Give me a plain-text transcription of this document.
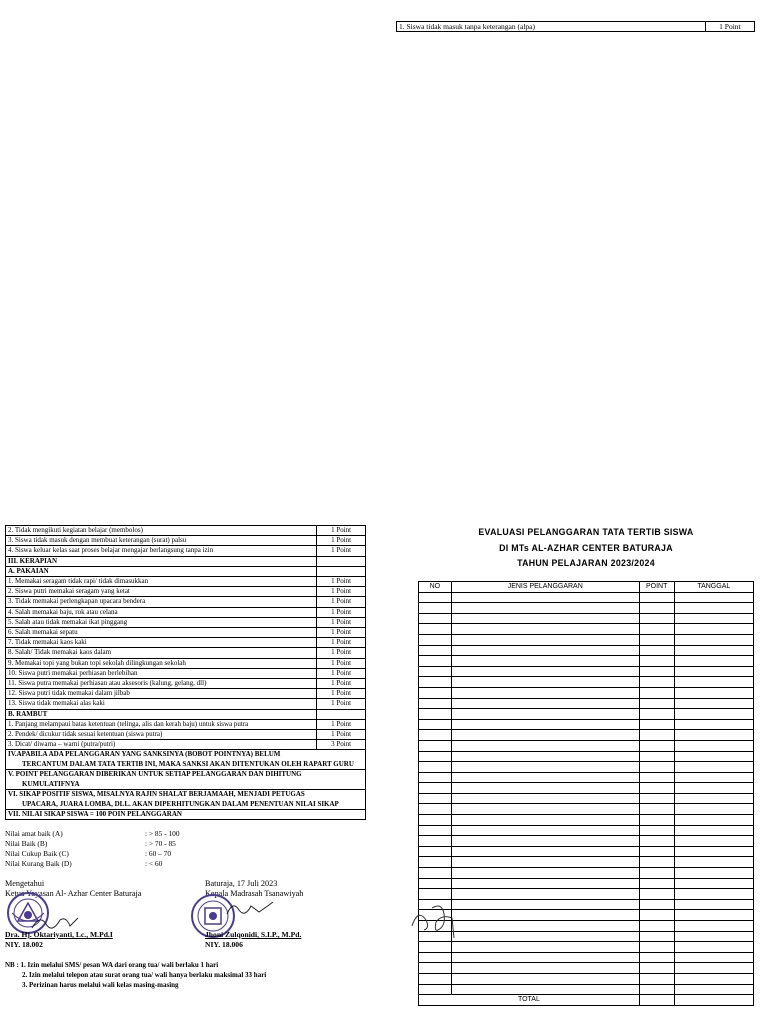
1. Siswa tidak masuk tanpa keterangan (alpa)	1 Point
2. Tidak mengikuti kegiatan belajar (membolos)	1 Point
3. Siswa tidak masuk dengan membuat keterangan (surat) palsu	1 Point
4. Siswa keluar kelas saat proses belajar mengajar berlangsung tanpa izin	1 Point
III. KERAPIAN	
A. PAKAIAN	
1. Memakai seragam tidak rapi/ tidak dimasukkan	1 Point
2. Siswa putri memakai seragam yang ketat	1 Point
3. Tidak memakai perlengkapan upacara bendera	1 Point
4. Salah memakai baju, rok atau celana	1 Point
5. Salah atau tidak memakai ikat pinggang	1 Point
6. Salah memakai sepatu	1 Point
7. Tidak memakai kaos kaki	1 Point
8. Salah/ Tidak memakai kaos dalam	1 Point
9. Memakai topi yang bukan topi sekolah dilingkungan sekolah	1 Point
10. Siswa putri memakai perhiasan berlebihan	1 Point
11. Siswa putra memakai perhiasan atau aksesoris (kalung, gelang, dll)	1 Point
12. Siswa putri tidak memakai dalam jilbab	1 Point
13. Siswa tidak memakai alas kaki	1 Point
B. RAMBUT	
1. Panjang melampaui batas ketentuan (telinga, alis dan kerah baju) untuk siswa putra	1 Point
2. Pendek/ dicukur tidak sesuai ketentuan (siswa putra)	1 Point
3. Dicat/ diwarna – warni (putra/putri)	3 Point
IV.APABILA ADA PELANGGARAN YANG SANKSINYA (BOBOT POINTNYA) BELUM
TERCANTUM DALAM TATA TERTIB INI, MAKA SANKSI AKAN DITENTUKAN OLEH RAPART GURU	

V. POINT PELANGGARAN DIBERIKAN UNTUK SETIAP PELANGGARAN DAN DIHITUNG
KUMULATIFNYA	

VI. SIKAP POSITIF SISWA, MISALNYA RAJIN SHALAT BERJAMAAH, MENJADI PETUGAS
UPACARA, JUARA LOMBA, DLL. AKAN DIPERHITUNGKAN DALAM PENENTUAN NILAI SIKAP	

VII. NILAI SIKAP SISWA = 100 POIN PELANGGARAN	
Nilai amat baik (A)	: > 85 - 100
Nilai Baik (B)	: > 70 - 85
Nilai Cukup Baik (C)	: 60 – 70
Nilai Kurang Baik (D)	: < 60
Mengetahui
Ketua Yayasan Al- Azhar Center Baturaja
Dra. Hj. Oktariyanti, Lc., M.Pd.I
NIY. 18.002
Baturaja, 17 Juli 2023
Kepala Madrasah Tsanawiyah
Jhoni Zulqonidi, S.I.P., M.Pd.
NIY. 18.006
NB : 1. Izin melalui SMS/ pesan WA dari orang tua/ wali berlaku 1 hari
2. Izin melalui telepon atau surat orang tua/ wali hanya berlaku maksimal 33 hari
3. Perizinan harus melalui wali kelas masing-masing
EVALUASI PELANGGARAN TATA TERTIB SISWA
DI MTs AL-AZHAR CENTER BATURAJA
TAHUN PELAJARAN 2023/2024
NO	JENIS PELANGGARAN	POINT	TANGGAL

TOTAL			
